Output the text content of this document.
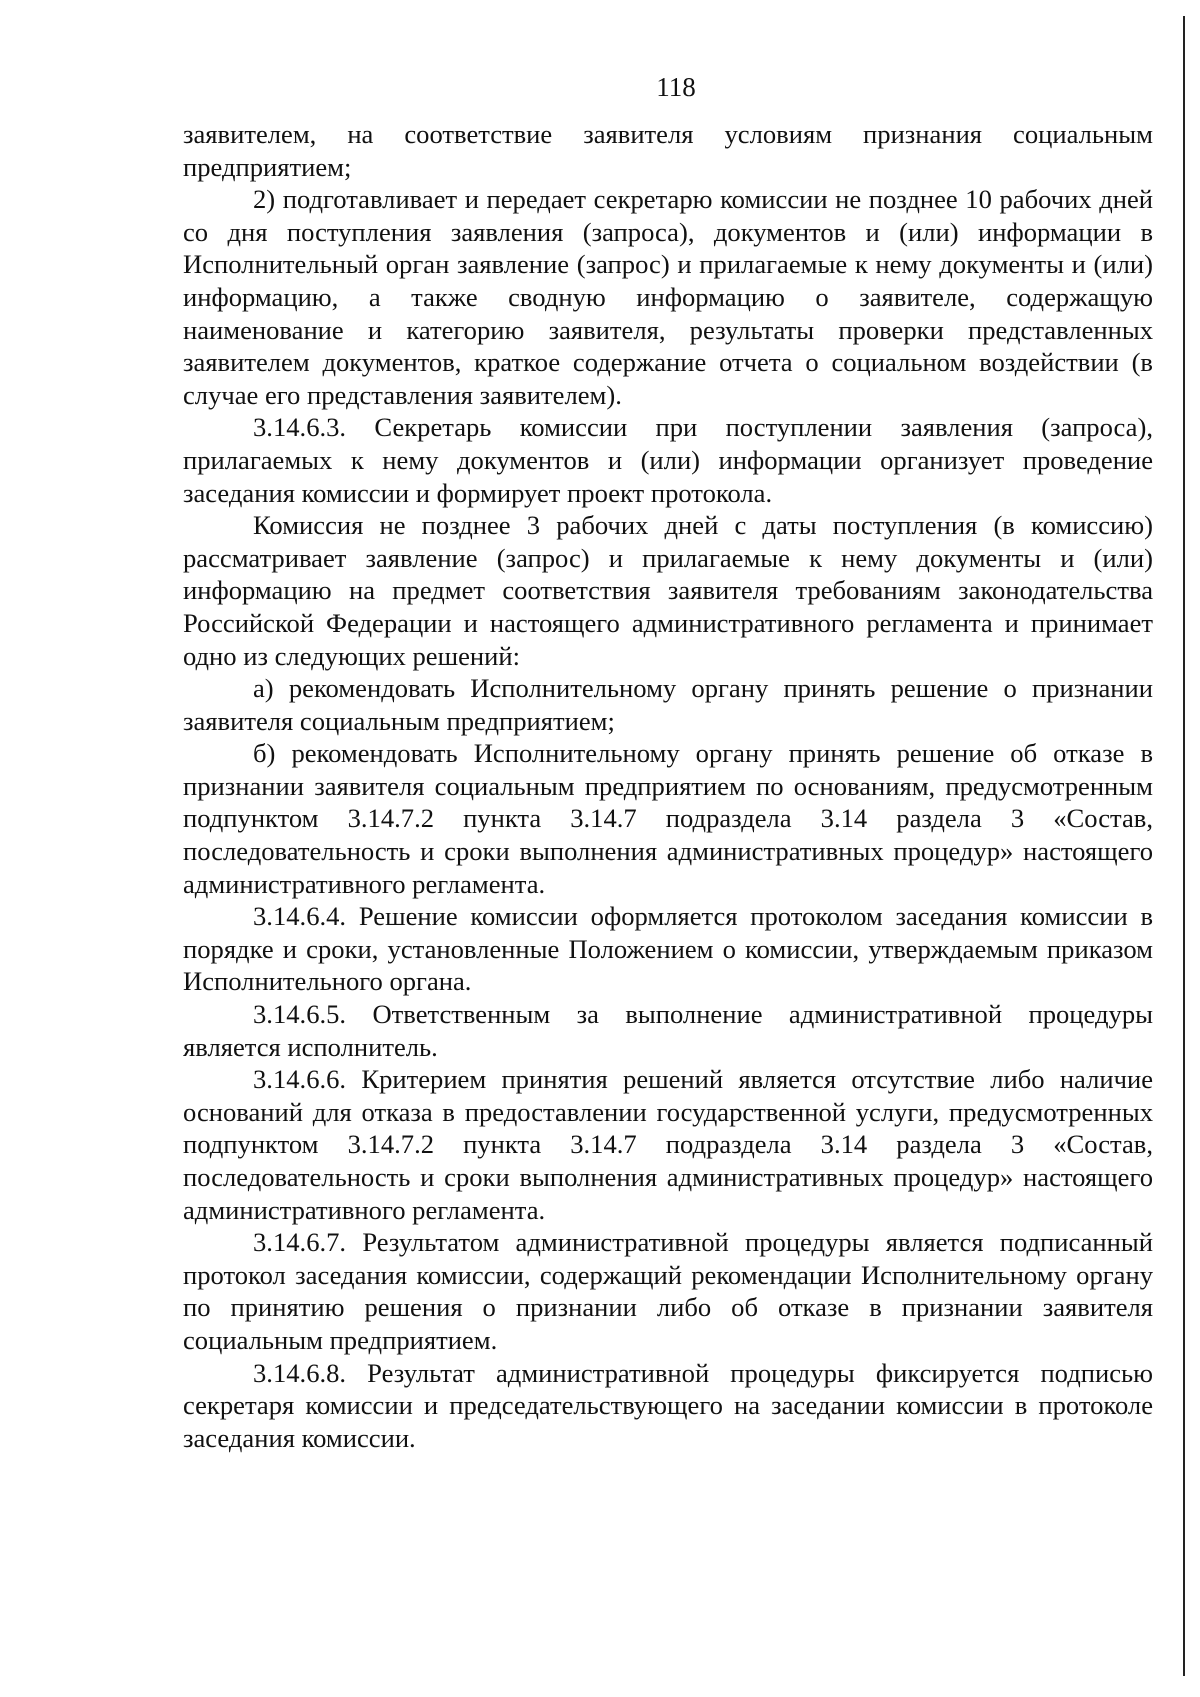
118

заявителем, на соответствие заявителя условиям признания социальным предприятием;

2) подготавливает и передает секретарю комиссии не позднее 10 рабочих дней со дня поступления заявления (запроса), документов и (или) информации в Исполнительный орган заявление (запрос) и прилагаемые к нему документы и (или) информацию, а также сводную информацию о заявителе, содержащую наименование и категорию заявителя, результаты проверки представленных заявителем документов, краткое содержание отчета о социальном воздействии (в случае его представления заявителем).

3.14.6.3. Секретарь комиссии при поступлении заявления (запроса), прилагаемых к нему документов и (или) информации организует проведение заседания комиссии и формирует проект протокола.

Комиссия не позднее 3 рабочих дней с даты поступления (в комиссию) рассматривает заявление (запрос) и прилагаемые к нему документы и (или) информацию на предмет соответствия заявителя требованиям законодательства Российской Федерации и настоящего административного регламента и принимает одно из следующих решений:

а) рекомендовать Исполнительному органу принять решение о признании заявителя социальным предприятием;

б) рекомендовать Исполнительному органу принять решение об отказе в признании заявителя социальным предприятием по основаниям, предусмотренным подпунктом 3.14.7.2 пункта 3.14.7 подраздела 3.14 раздела 3 «Состав, последовательность и сроки выполнения административных процедур» настоящего административного регламента.

3.14.6.4. Решение комиссии оформляется протоколом заседания комиссии в порядке и сроки, установленные Положением о комиссии, утверждаемым приказом Исполнительного органа.

3.14.6.5. Ответственным за выполнение административной процедуры является исполнитель.

3.14.6.6. Критерием принятия решений является отсутствие либо наличие оснований для отказа в предоставлении государственной услуги, предусмотренных подпунктом 3.14.7.2 пункта 3.14.7 подраздела 3.14 раздела 3 «Состав, последовательность и сроки выполнения административных процедур» настоящего административного регламента.

3.14.6.7. Результатом административной процедуры является подписанный протокол заседания комиссии, содержащий рекомендации Исполнительному органу по принятию решения о признании либо об отказе в признании заявителя социальным предприятием.

3.14.6.8. Результат административной процедуры фиксируется подписью секретаря комиссии и председательствующего на заседании комиссии в протоколе заседания комиссии.
